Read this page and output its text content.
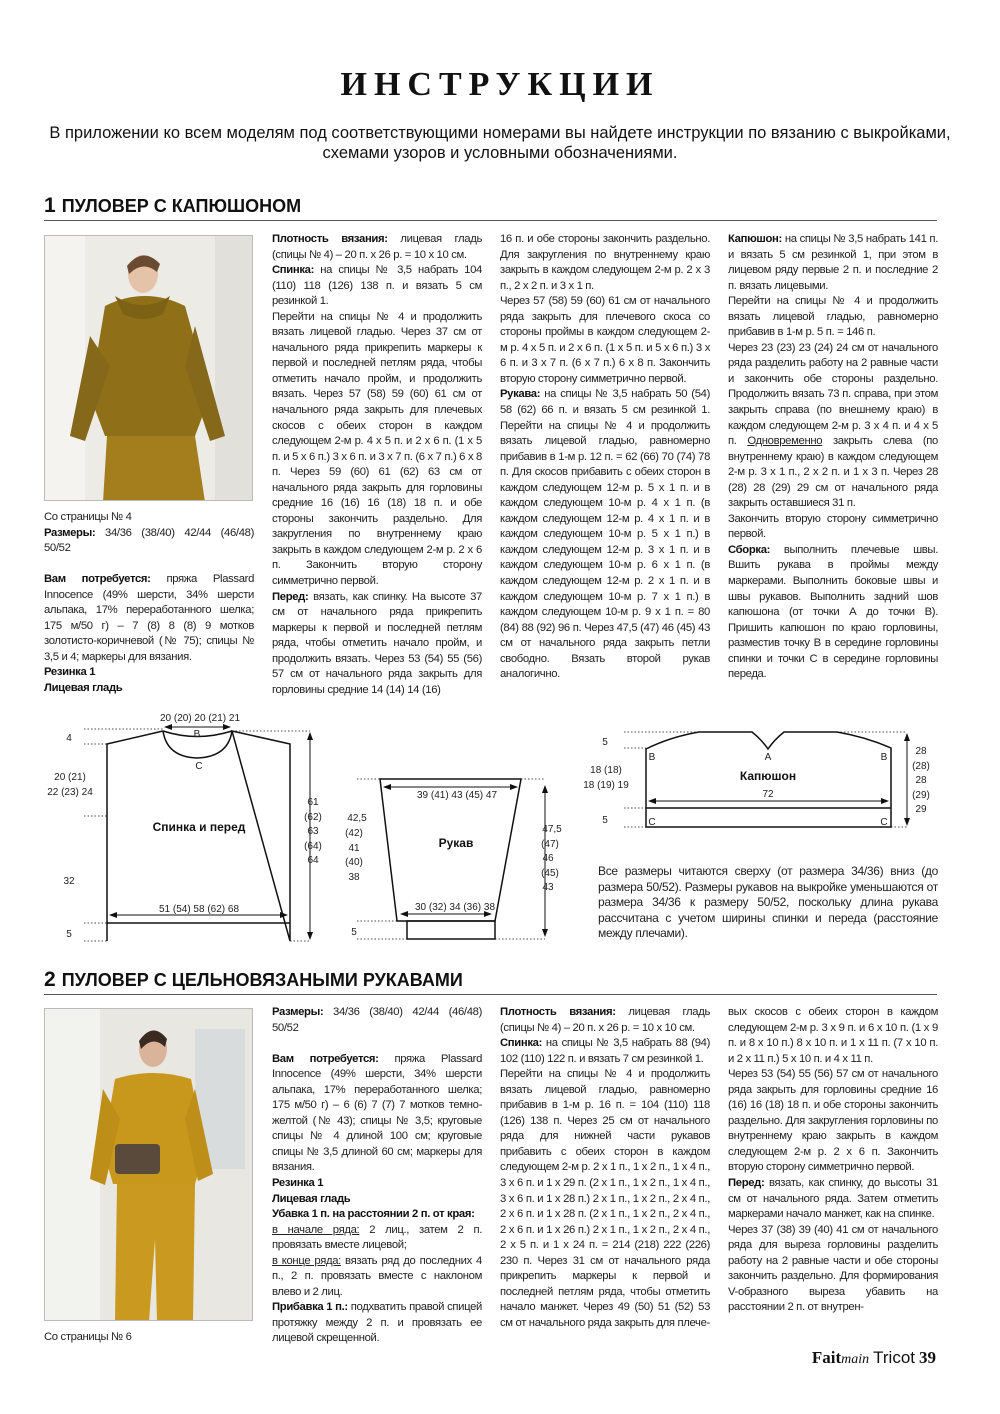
ИНСТРУКЦИИ
В приложении ко всем моделям под соответствующими номерами вы найдете инструкции по вязанию с выкройками, схемами узоров и условными обозначениями.
1 ПУЛОВЕР С КАПЮШОНОМ

Со страницы № 4

Размеры: 34/36 (38/40) 42/44 (46/48) 50/52

Вам потребуется: пряжа Plassard Innocence (49% шерсти, 34% шерсти альпака, 17% переработанного шелка; 175 м/50 г) – 7 (8) 8 (8) 9 мотков золотисто-коричневой (№ 75); спицы № 3,5 и 4; маркеры для вязания.

Резинка 1

Лицевая гладь

Плотность вязания: лицевая гладь (спицы № 4) – 20 п. х 26 р. = 10 х 10 см.

Спинка: на спицы № 3,5 набрать 104 (110) 118 (126) 138 п. и вязать 5 см резинкой 1.

Перейти на спицы № 4 и продолжить вязать лицевой гладью. Через 37 см от начального ряда прикрепить маркеры к первой и последней петлям ряда, чтобы отметить начало пройм, и продолжить вязать. Через 57 (58) 59 (60) 61 см от начального ряда закрыть для плечевых скосов с обеих сторон в каждом следующем 2-м р. 4 х 5 п. и 2 х 6 п. (1 х 5 п. и 5 х 6 п.) 3 х 6 п. и 3 х 7 п. (6 х 7 п.) 6 х 8 п. Через 59 (60) 61 (62) 63 см от начального ряда закрыть для горловины средние 16 (16) 16 (18) 18 п. и обе стороны закончить раздельно. Для закругления по внутреннему краю закрыть в каждом следующем 2-м р. 2 х 6 п. Закончить вторую сторону симметрично первой.

Перед: вязать, как спинку. На высоте 37 см от начального ряда прикрепить маркеры к первой и последней петлям ряда, чтобы отметить начало пройм, и продолжить вязать. Через 53 (54) 55 (56) 57 см от начального ряда закрыть для горловины средние 14 (14) 14 (16)

16 п. и обе стороны закончить раздельно. Для закругления по внутреннему краю закрыть в каждом следующем 2-м р. 2 х 3 п., 2 х 2 п. и 3 х 1 п.

Через 57 (58) 59 (60) 61 см от начального ряда закрыть для плечевого скоса со стороны проймы в каждом следующем 2-м р. 4 х 5 п. и 2 х 6 п. (1 х 5 п. и 5 х 6 п.) 3 х 6 п. и 3 х 7 п. (6 х 7 п.) 6 х 8 п. Закончить вторую сторону симметрично первой.

Рукава: на спицы № 3,5 набрать 50 (54) 58 (62) 66 п. и вязать 5 см резинкой 1. Перейти на спицы № 4 и продолжить вязать лицевой гладью, равномерно прибавив в 1-м р. 12 п. = 62 (66) 70 (74) 78 п. Для скосов прибавить с обеих сторон в каждом следующем 12-м р. 5 х 1 п. и в каждом следующем 10-м р. 4 х 1 п. (в каждом следующем 12-м р. 4 х 1 п. и в каждом следующем 10-м р. 5 х 1 п.) в каждом следующем 12-м р. 3 х 1 п. и в каждом следующем 10-м р. 6 х 1 п. (в каждом следующем 12-м р. 2 х 1 п. и в каждом следующем 10-м р. 7 х 1 п.) в каждом следующем 10-м р. 9 х 1 п. = 80 (84) 88 (92) 96 п. Через 47,5 (47) 46 (45) 43 см от начального ряда закрыть петли свободно. Вязать второй рукав аналогично.

Капюшон: на спицы № 3,5 набрать 141 п. и вязать 5 см резинкой 1, при этом в лицевом ряду первые 2 п. и последние 2 п. вязать лицевыми.

Перейти на спицы № 4 и продолжить вязать лицевой гладью, равномерно прибавив в 1-м р. 5 п. = 146 п.

Через 23 (23) 23 (24) 24 см от начального ряда разделить работу на 2 равные части и закончить обе стороны раздельно. Продолжить вязать 73 п. справа, при этом закрыть справа (по внешнему краю) в каждом следующем 2-м р. 3 х 4 п. и 4 х 5 п. Одновременно закрыть слева (по внутреннему краю) в каждом следующем 2-м р. 3 х 1 п., 2 х 2 п. и 1 х 3 п. Через 28 (28) 28 (29) 29 см от начального ряда закрыть оставшиеся 31 п.

Закончить вторую сторону симметрично первой.

Сборка: выполнить плечевые швы. Вшить рукава в проймы между маркерами. Выполнить боковые швы и швы рукавов. Выполнить задний шов капюшона (от точки А до точки В). Пришить капюшон по краю горловины, разместив точку В в середине горловины спинки и точки С в середине горловины переда.

20 (20) 20 (21) 21
B
C
4
20 (21)
22 (23) 24
32
5
Спинка и перед
51 (54) 58 (62) 68
61
(62)
63
(64)
64
39 (41) 43 (45) 47
Рукав
30 (32) 34 (36) 38
5
42,5
(42)
41
(40)
38
47,5
(47)
46
(45)
43
5
18 (18)
18 (19) 19
5
B	A	B
C	C
Капюшон
72
28
(28)
28
(29)
29
Все размеры читаются сверху (от размера 34/36) вниз (до размера 50/52). Размеры рукавов на выкройке уменьшаются от размера 34/36 к размеру 50/52, поскольку длина рукава рассчитана с учетом ширины спинки и переда (расстояние между плечами).
2 ПУЛОВЕР С ЦЕЛЬНОВЯЗАНЫМИ РУКАВАМИ

Со страницы № 6

Размеры: 34/36 (38/40) 42/44 (46/48) 50/52

Вам потребуется: пряжа Plassard Innocence (49% шерсти, 34% шерсти альпака, 17% переработанного шелка; 175 м/50 г) – 6 (6) 7 (7) 7 мотков темно-желтой (№ 43); спицы № 3,5; круговые спицы № 4 длиной 100 см; круговые спицы № 3,5 длиной 60 см; маркеры для вязания.

Резинка 1

Лицевая гладь

Убавка 1 п. на расстоянии 2 п. от края:

в начале ряда: 2 лиц., затем 2 п. провязать вместе лицевой;

в конце ряда: вязать ряд до последних 4 п., 2 п. провязать вместе с наклоном влево и 2 лиц.

Прибавка 1 п.: подхватить правой спицей протяжку между 2 п. и провязать ее лицевой скрещенной.

Плотность вязания: лицевая гладь (спицы № 4) – 20 п. х 26 р. = 10 х 10 см.

Спинка: на спицы № 3,5 набрать 88 (94) 102 (110) 122 п. и вязать 7 см резинкой 1.

Перейти на спицы № 4 и продолжить вязать лицевой гладью, равномерно прибавив в 1-м р. 16 п. = 104 (110) 118 (126) 138 п. Через 25 см от начального ряда для нижней части рукавов прибавить с обеих сторон в каждом следующем 2-м р. 2 х 1 п., 1 х 2 п., 1 х 4 п., 3 х 6 п. и 1 х 29 п. (2 х 1 п., 1 х 2 п., 1 х 4 п., 3 х 6 п. и 1 х 28 п.) 2 х 1 п., 1 х 2 п., 2 х 4 п., 2 х 6 п. и 1 х 28 п. (2 х 1 п., 1 х 2 п., 2 х 4 п., 2 х 6 п. и 1 х 26 п.) 2 х 1 п., 1 х 2 п., 2 х 4 п., 2 х 5 п. и 1 х 24 п. = 214 (218) 222 (226) 230 п. Через 31 см от начального ряда прикрепить маркеры к первой и последней петлям ряда, чтобы отметить начало манжет. Через 49 (50) 51 (52) 53 см от начального ряда закрыть для плече-

вых скосов с обеих сторон в каждом следующем 2-м р. 3 х 9 п. и 6 х 10 п. (1 х 9 п. и 8 х 10 п.) 8 х 10 п. и 1 х 11 п. (7 х 10 п. и 2 х 11 п.) 5 х 10 п. и 4 х 11 п.

Через 53 (54) 55 (56) 57 см от начального ряда закрыть для горловины средние 16 (16) 16 (18) 18 п. и обе стороны закончить раздельно. Для закругления горловины по внутреннему краю закрыть в каждом следующем 2-м р. 2 х 6 п. Закончить вторую сторону симметрично первой.

Перед: вязать, как спинку, до высоты 31 см от начального ряда. Затем отметить маркерами начало манжет, как на спинке.

Через 37 (38) 39 (40) 41 см от начального ряда для выреза горловины разделить работу на 2 равные части и обе стороны закончить раздельно. Для формирования V-образного выреза убавить на расстоянии 2 п. от внутрен-

Faitmain Tricot 39
